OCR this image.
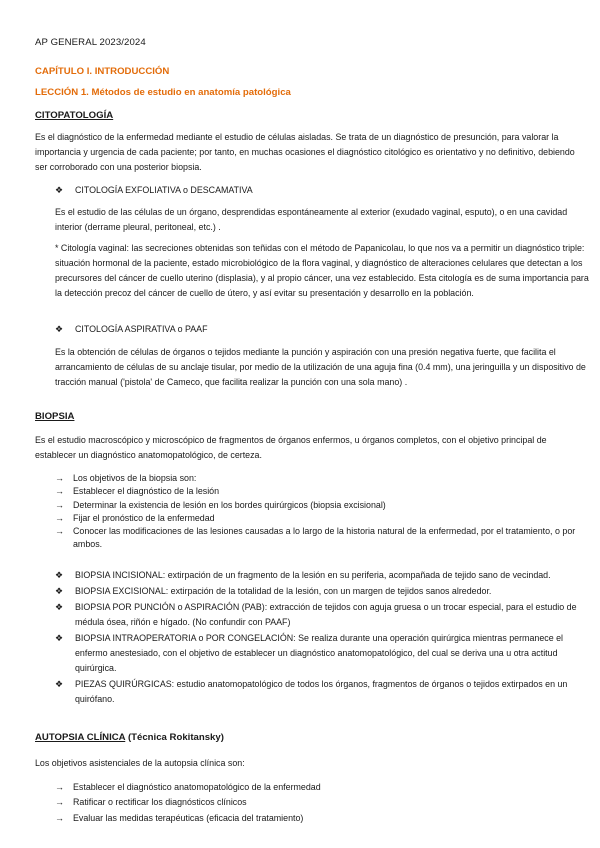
AP GENERAL 2023/2024

CAPÍTULO I. INTRODUCCIÓN

LECCIÓN 1. Métodos de estudio en anatomía patológica

CITOPATOLOGÍA

Es el diagnóstico de la enfermedad mediante el estudio de células aisladas. Se trata de un diagnóstico de presunción, para valorar la importancia y urgencia de cada paciente; por tanto, en muchas ocasiones el diagnóstico citológico es orientativo y no definitivo, debiendo ser corroborado con una posterior biopsia.

❖	CITOLOGÍA EXFOLIATIVA o DESCAMATIVA

Es el estudio de las células de un órgano, desprendidas espontáneamente al exterior (exudado vaginal, esputo), o en una cavidad interior (derrame pleural, peritoneal, etc.) .

* Citología vaginal: las secreciones obtenidas son teñidas con el método de Papanicolau, lo que nos va a permitir un diagnóstico triple: situación hormonal de la paciente, estado microbiológico de la flora vaginal, y diagnóstico de alteraciones celulares que detectan a los precursores del cáncer de cuello uterino (displasia), y al propio cáncer, una vez establecido. Esta citología es de suma importancia para la detección precoz del cáncer de cuello de útero, y así evitar su presentación y desarrollo en la población.

❖	CITOLOGÍA ASPIRATIVA o PAAF

Es la obtención de células de órganos o tejidos mediante la punción y aspiración con una presión negativa fuerte, que facilita el arrancamiento de células de su anclaje tisular, por medio de la utilización de una aguja fina (0.4 mm), una jeringuilla y un dispositivo de tracción manual ('pistola' de Cameco, que facilita realizar la punción con una sola mano) .

BIOPSIA

Es el estudio macroscópico y microscópico de fragmentos de órganos enfermos, u órganos completos, con el objetivo principal de establecer un diagnóstico anatomopatológico, de certeza.

→	Los objetivos de la biopsia son:
→	Establecer el diagnóstico de la lesión
→	Determinar la existencia de lesión en los bordes quirúrgicos (biopsia excisional)
→	Fijar el pronóstico de la enfermedad
→	Conocer las modificaciones de las lesiones causadas a lo largo de la historia natural de la enfermedad, por el tratamiento, o por ambos.
❖	BIOPSIA INCISIONAL: extirpación de un fragmento de la lesión en su periferia, acompañada de tejido sano de vecindad.
❖	BIOPSIA EXCISIONAL: extirpación de la totalidad de la lesión, con un margen de tejidos sanos alrededor.
❖	BIOPSIA POR PUNCIÓN o ASPIRACIÓN (PAB): extracción de tejidos con aguja gruesa o un trocar especial, para el estudio de médula ósea, riñón e hígado. (No confundir con PAAF)
❖	BIOPSIA INTRAOPERATORIA o POR CONGELACIÓN: Se realiza durante una operación quirúrgica mientras permanece el enfermo anestesiado, con el objetivo de establecer un diagnóstico anatomopatológico, del cual se deriva una u otra actitud quirúrgica.
❖	PIEZAS QUIRÚRGICAS: estudio anatomopatológico de todos los órganos, fragmentos de órganos o tejidos extirpados en un quirófano.

AUTOPSIA CLÍNICA (Técnica Rokitansky)

Los objetivos asistenciales de la autopsia clínica son:

→	Establecer el diagnóstico anatomopatológico de la enfermedad
→	Ratificar o rectificar los diagnósticos clínicos
→	Evaluar las medidas terapéuticas (eficacia del tratamiento)
